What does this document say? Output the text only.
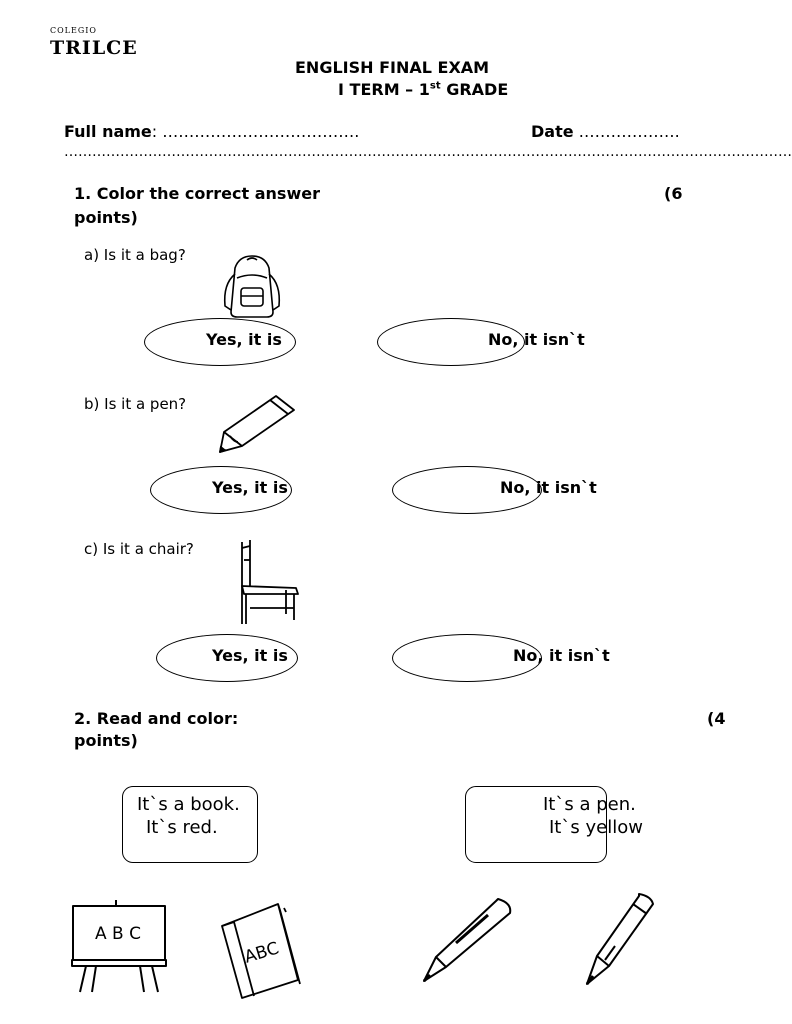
COLEGIO
TRILCE
ENGLISH FINAL EXAM
I TERM – 1st GRADE
Full name: ……………………………….	Date ……………….
…………………………………………………………………………………………………………………………………………
1. Color the correct answer	(6
points)
a) Is it a bag?
Yes, it is	No, it isn`t
b) Is it a pen?
Yes, it is	No, it isn`t
c) Is it a chair?
Yes, it is	No, it isn`t
2. Read and color:	(4
points)
It`s a book.
It`s red.
It`s a pen.
It`s yellow
A B C
ABC
